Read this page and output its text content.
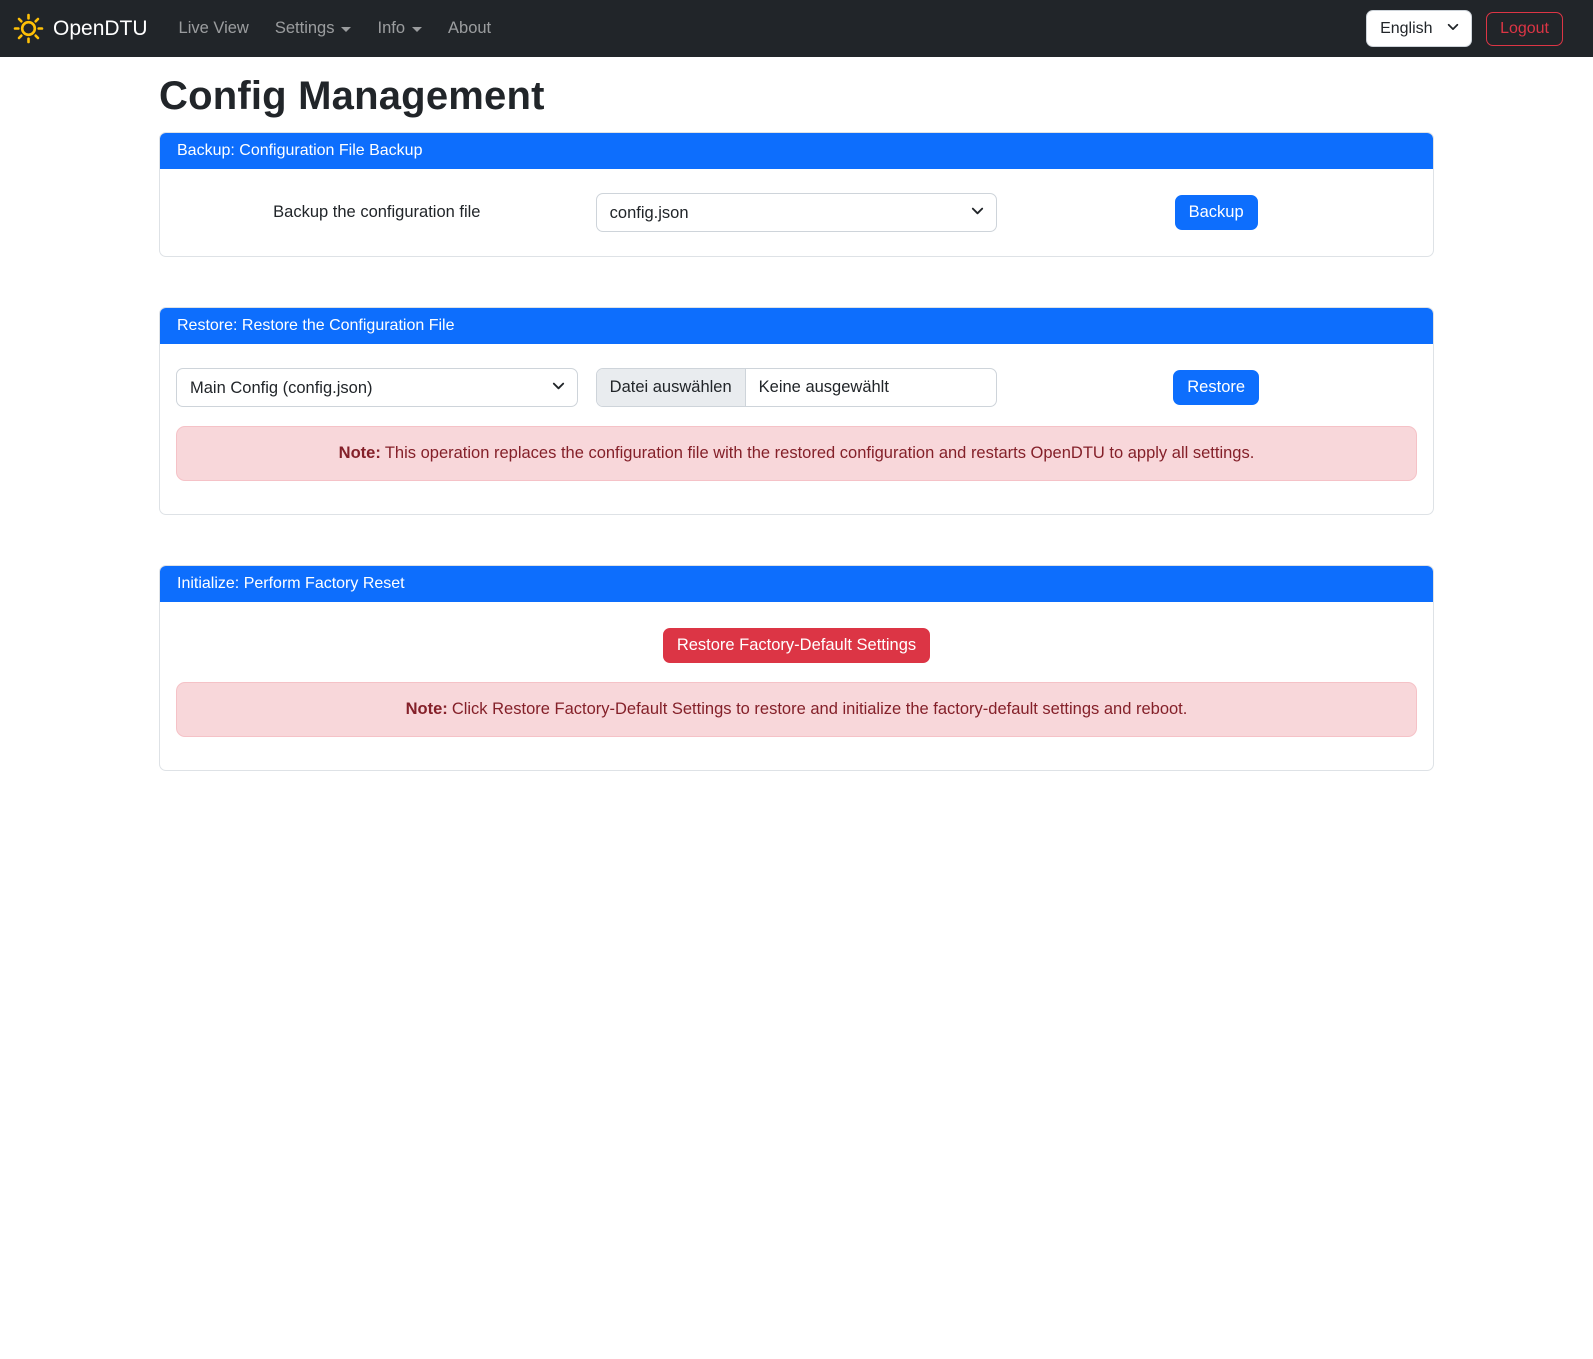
OpenDTU Live View Settings	Info	About
English	Logout
Config Management
Backup: Configuration File Backup
Backup the configuration file
config.json	Backup
Restore: Restore the Configuration File
Main Config (config.json)
Datei auswählen	Keine ausgewählt	Restore
Note: This operation replaces the configuration file with the restored configuration and restarts OpenDTU to apply all settings.
Initialize: Perform Factory Reset
Restore Factory-Default Settings
Note: Click Restore Factory-Default Settings to restore and initialize the factory-default settings and reboot.
